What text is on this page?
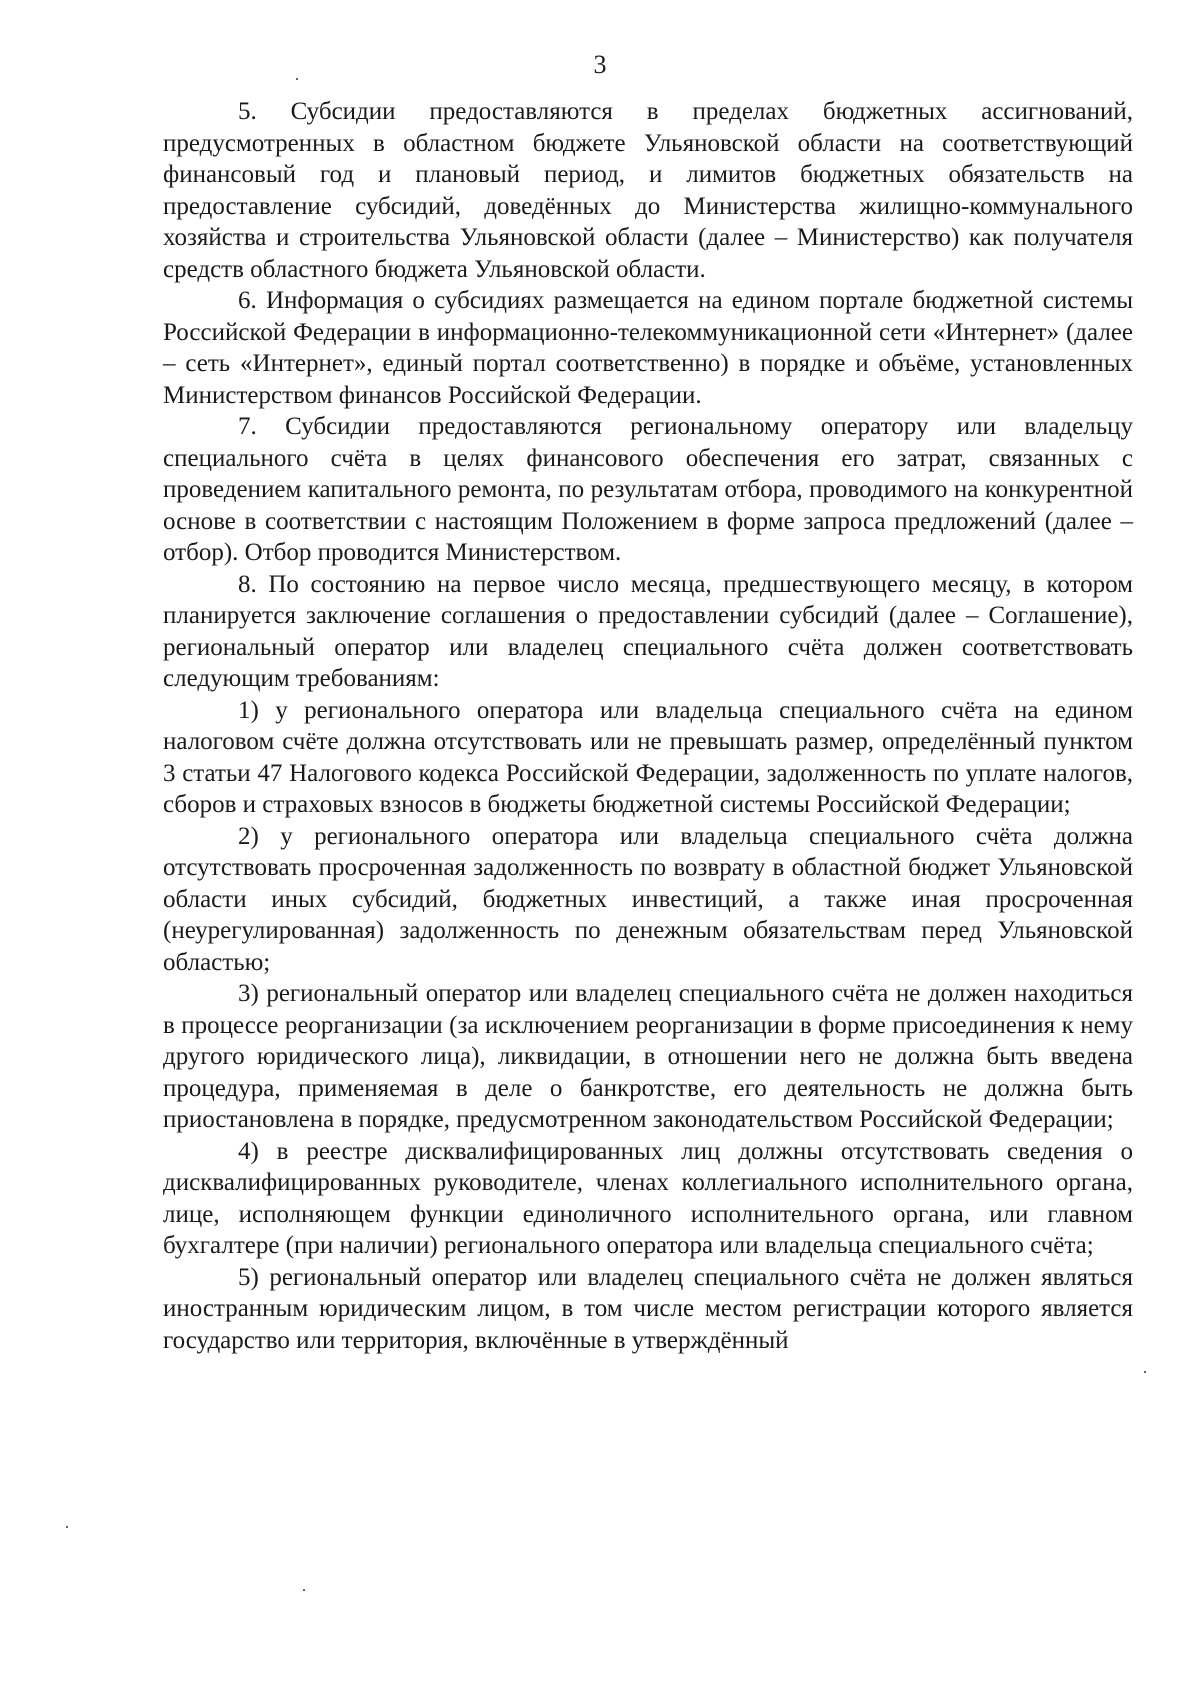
3

5. Субсидии предоставляются в пределах бюджетных ассигнований, предусмотренных в областном бюджете Ульяновской области на соответствующий финансовый год и плановый период, и лимитов бюджетных обязательств на предоставление субсидий, доведённых до Министерства жилищно-коммунального хозяйства и строительства Ульяновской области (далее – Министерство) как получателя средств областного бюджета Ульяновской области.

6. Информация о субсидиях размещается на едином портале бюджетной системы Российской Федерации в информационно-телекоммуникационной сети «Интернет» (далее – сеть «Интернет», единый портал соответственно) в порядке и объёме, установленных Министерством финансов Российской Федерации.

7. Субсидии предоставляются региональному оператору или владельцу специального счёта в целях финансового обеспечения его затрат, связанных с проведением капитального ремонта, по результатам отбора, проводимого на конкурентной основе в соответствии с настоящим Положением в форме запроса предложений (далее – отбор). Отбор проводится Министерством.

8. По состоянию на первое число месяца, предшествующего месяцу, в котором планируется заключение соглашения о предоставлении субсидий (далее – Соглашение), региональный оператор или владелец специального счёта должен соответствовать следующим требованиям:

1) у регионального оператора или владельца специального счёта на едином налоговом счёте должна отсутствовать или не превышать размер, определённый пунктом 3 статьи 47 Налогового кодекса Российской Федерации, задолженность по уплате налогов, сборов и страховых взносов в бюджеты бюджетной системы Российской Федерации;

2) у регионального оператора или владельца специального счёта должна отсутствовать просроченная задолженность по возврату в областной бюджет Ульяновской области иных субсидий, бюджетных инвестиций, а также иная просроченная (неурегулированная) задолженность по денежным обязательствам перед Ульяновской областью;

3) региональный оператор или владелец специального счёта не должен находиться в процессе реорганизации (за исключением реорганизации в форме присоединения к нему другого юридического лица), ликвидации, в отношении него не должна быть введена процедура, применяемая в деле о банкротстве, его деятельность не должна быть приостановлена в порядке, предусмотренном законодательством Российской Федерации;

4) в реестре дисквалифицированных лиц должны отсутствовать сведения о дисквалифицированных руководителе, членах коллегиального исполнительного органа, лице, исполняющем функции единоличного исполнительного органа, или главном бухгалтере (при наличии) регионального оператора или владельца специального счёта;

5) региональный оператор или владелец специального счёта не должен являться иностранным юридическим лицом, в том числе местом регистрации которого является государство или территория, включённые в утверждённый
